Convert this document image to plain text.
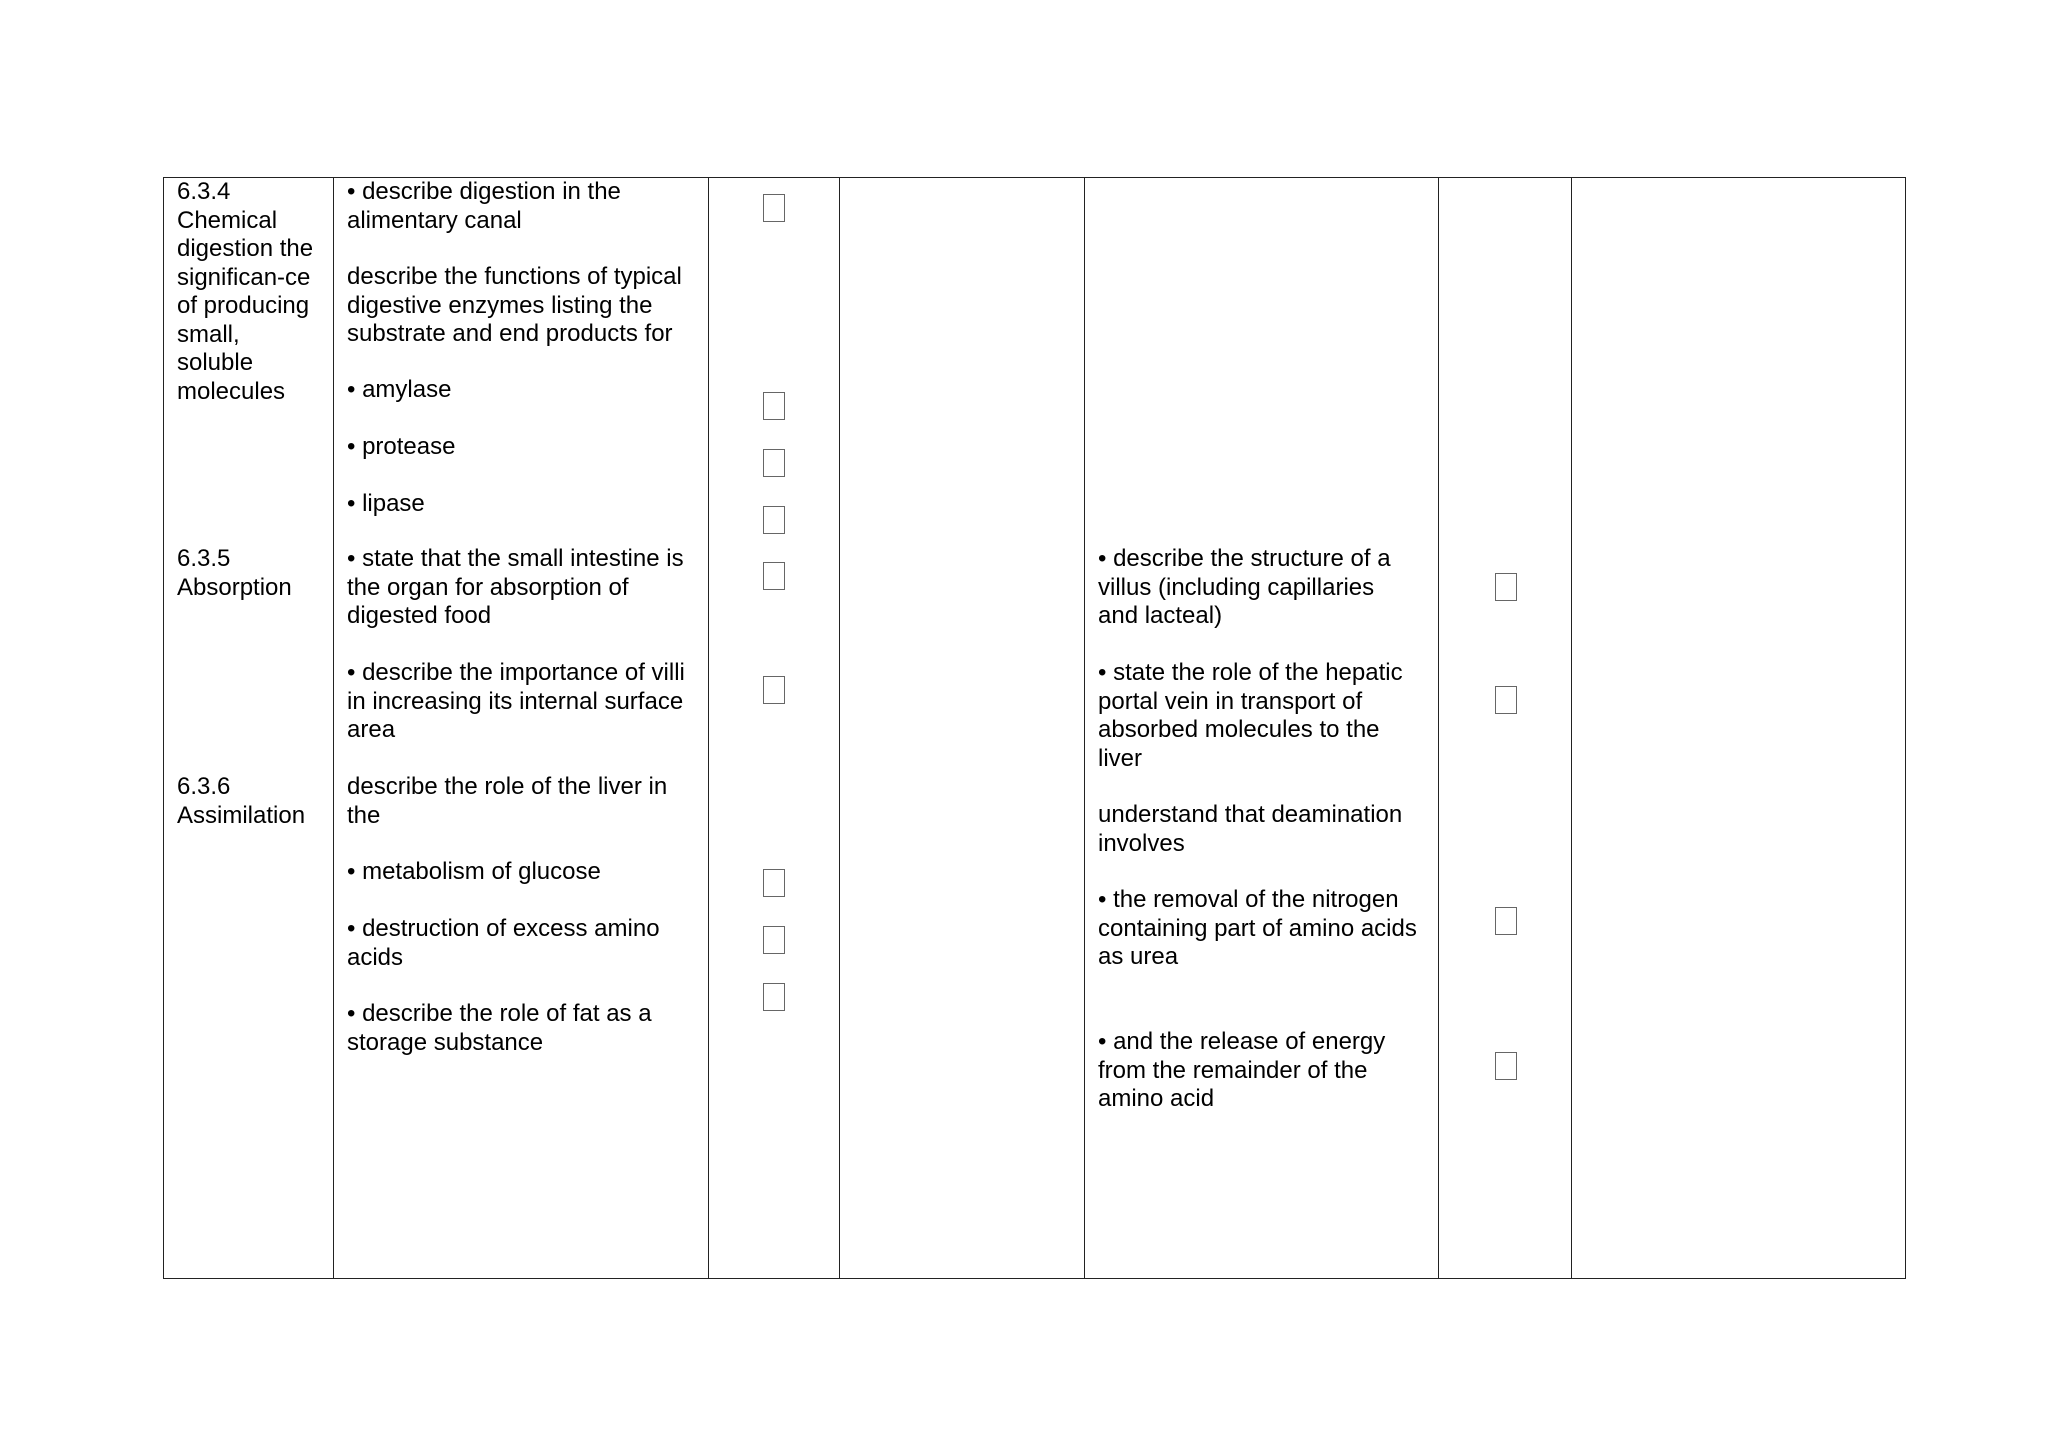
6.3.4
Chemical
digestion the
significan-ce
of producing
small,
soluble
molecules

6.3.5
Absorption

6.3.6
Assimilation

• describe digestion in the
alimentary canal

describe the functions of typical
digestive enzymes listing the
substrate and end products for

• amylase

• protease

• lipase

• state that the small intestine is
the organ for absorption of
digested food

• describe the importance of villi
in increasing its internal surface
area

describe the role of the liver in
the

• metabolism of glucose

• destruction of excess amino
acids

• describe the role of fat as a
storage substance

• describe the structure of a
villus (including capillaries
and lacteal)

• state the role of the hepatic
portal vein in transport of
absorbed molecules to the
liver

understand that deamination
involves

• the removal of the nitrogen
containing part of amino acids
as urea

• and the release of energy
from the remainder of the
amino acid
